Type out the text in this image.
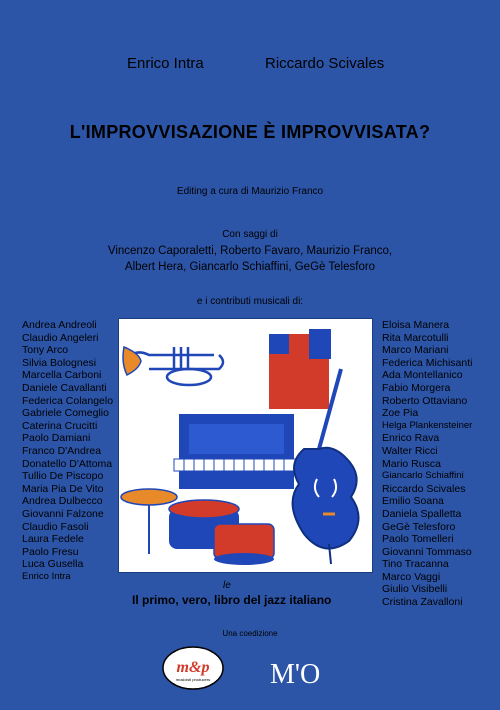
Enrico Intra	Riccardo Scivales
L'IMPROVVISAZIONE È IMPROVVISATA?
Editing a cura di Maurizio Franco
Con saggi di
Vincenzo Caporaletti, Roberto Favaro, Maurizio Franco,
Albert Hera, Giancarlo Schiaffini, GeGè Telesforo
e i contributi musicali di:
Andrea Andreoli
Claudio Angeleri
Tony Arco
Silvia Bolognesi
Marcella Carboni
Daniele Cavallanti
Federica Colangelo
Gabriele Comeglio
Caterina Crucitti
Paolo Damiani
Franco D'Andrea
Donatello D'Attoma
Tullio De Piscopo
Maria Pia De Vito
Andrea Dulbecco
Giovanni Falzone
Claudio Fasoli
Laura Fedele
Paolo Fresu
Luca Gusella
Enrico Intra
Eloisa Manera
Rita Marcotulli
Marco Mariani
Federica Michisanti
Ada Montellanico
Fabio Morgera
Roberto Ottaviano
Zoe Pia
Helga Plankensteiner
Enrico Rava
Walter Ricci
Mario Rusca
Giancarlo Schiaffini
Riccardo Scivales
Emilio Soana
Daniela Spalletta
GeGè Telesforo
Paolo Tomelleri
Giovanni Tommaso
Tino Tracanna
Marco Vaggi
Giulio Visibelli
Cristina Zavalloni
Il primo, vero,
le
libro del jazz italiano
Una coedizione
m&p
musicisti producers M'O
